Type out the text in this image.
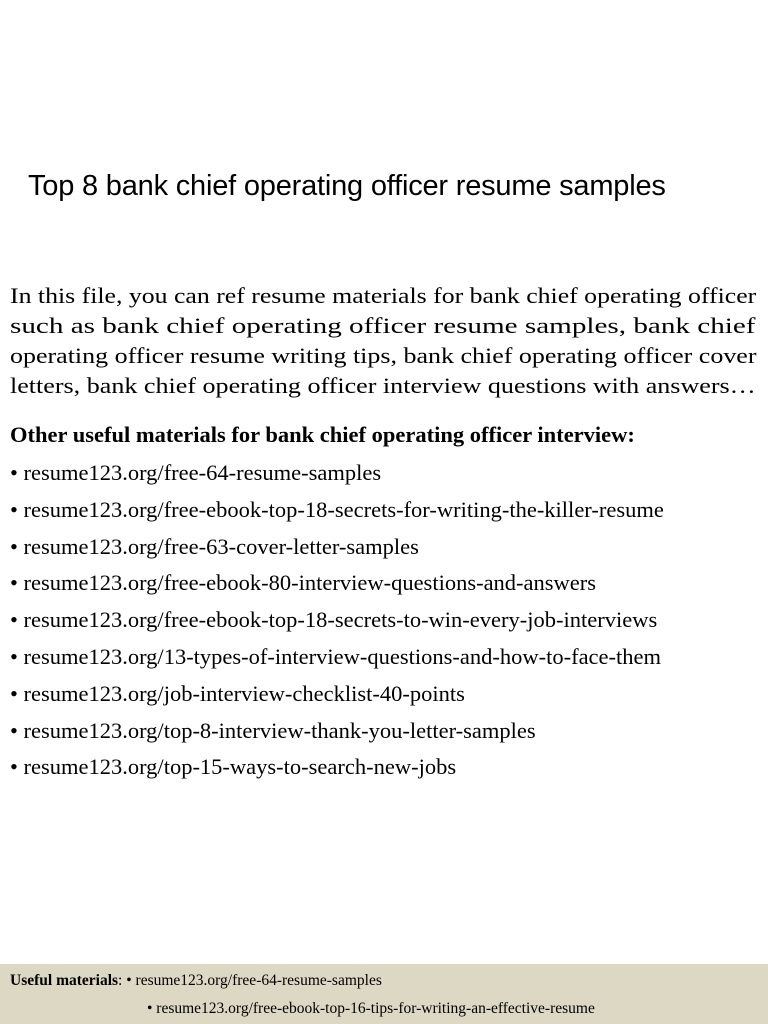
Top 8 bank chief operating officer resume samples
In this file, you can ref resume materials for bank chief operating officer such as bank chief operating officer resume samples, bank chief operating officer resume writing tips, bank chief operating officer cover letters, bank chief operating officer interview questions with answers…
Other useful materials for bank chief operating officer interview:
• resume123.org/free-64-resume-samples
• resume123.org/free-ebook-top-18-secrets-for-writing-the-killer-resume
• resume123.org/free-63-cover-letter-samples
• resume123.org/free-ebook-80-interview-questions-and-answers
• resume123.org/free-ebook-top-18-secrets-to-win-every-job-interviews
• resume123.org/13-types-of-interview-questions-and-how-to-face-them
• resume123.org/job-interview-checklist-40-points
• resume123.org/top-8-interview-thank-you-letter-samples
• resume123.org/top-15-ways-to-search-new-jobs
Useful materials: • resume123.org/free-64-resume-samples
• resume123.org/free-ebook-top-16-tips-for-writing-an-effective-resume
